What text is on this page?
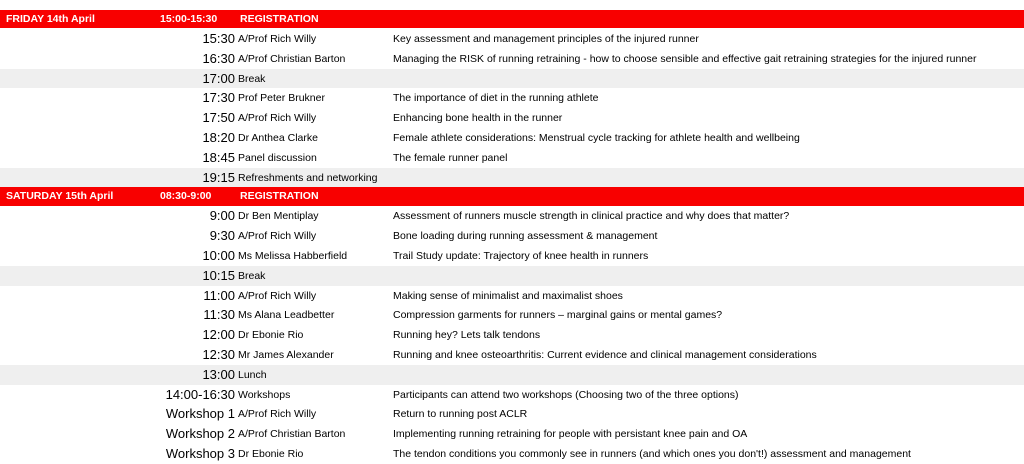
FRIDAY 14th April	15:00-15:30 REGISTRATION
15:30 A/Prof Rich Willy	Key assessment and management principles of the injured runner
16:30 A/Prof Christian Barton	Managing the RISK of running retraining - how to choose sensible and effective gait retraining strategies for the injured runner
17:00 Break
17:30 Prof Peter Brukner	The importance of diet in the running athlete
17:50 A/Prof Rich Willy	Enhancing bone health in the runner
18:20 Dr Anthea Clarke	Female athlete considerations: Menstrual cycle tracking for athlete health and wellbeing
18:45 Panel discussion	The female runner panel
19:15 Refreshments and networking
SATURDAY 15th April	08:30-9:00	REGISTRATION
9:00 Dr Ben Mentiplay	Assessment of runners muscle strength in clinical practice and why does that matter?
9:30 A/Prof Rich Willy	Bone loading during running assessment & management
10:00 Ms Melissa Habberfield	Trail Study update: Trajectory of knee health in runners
10:15 Break
11:00 A/Prof Rich Willy	Making sense of minimalist and maximalist shoes
11:30 Ms Alana Leadbetter	Compression garments for runners – marginal gains or mental games?
12:00 Dr Ebonie Rio	Running hey? Lets talk tendons
12:30 Mr James Alexander	Running and knee osteoarthritis: Current evidence and clinical management considerations
13:00 Lunch
14:00-16:30 Workshops	Participants can attend two workshops (Choosing two of the three options)
Workshop 1 A/Prof Rich Willy	Return to running post ACLR
Workshop 2 A/Prof Christian Barton	Implementing running retraining for people with persistant knee pain and OA
Workshop 3 Dr Ebonie Rio	The tendon conditions you commonly see in runners (and which ones you don't!) assessment and management
